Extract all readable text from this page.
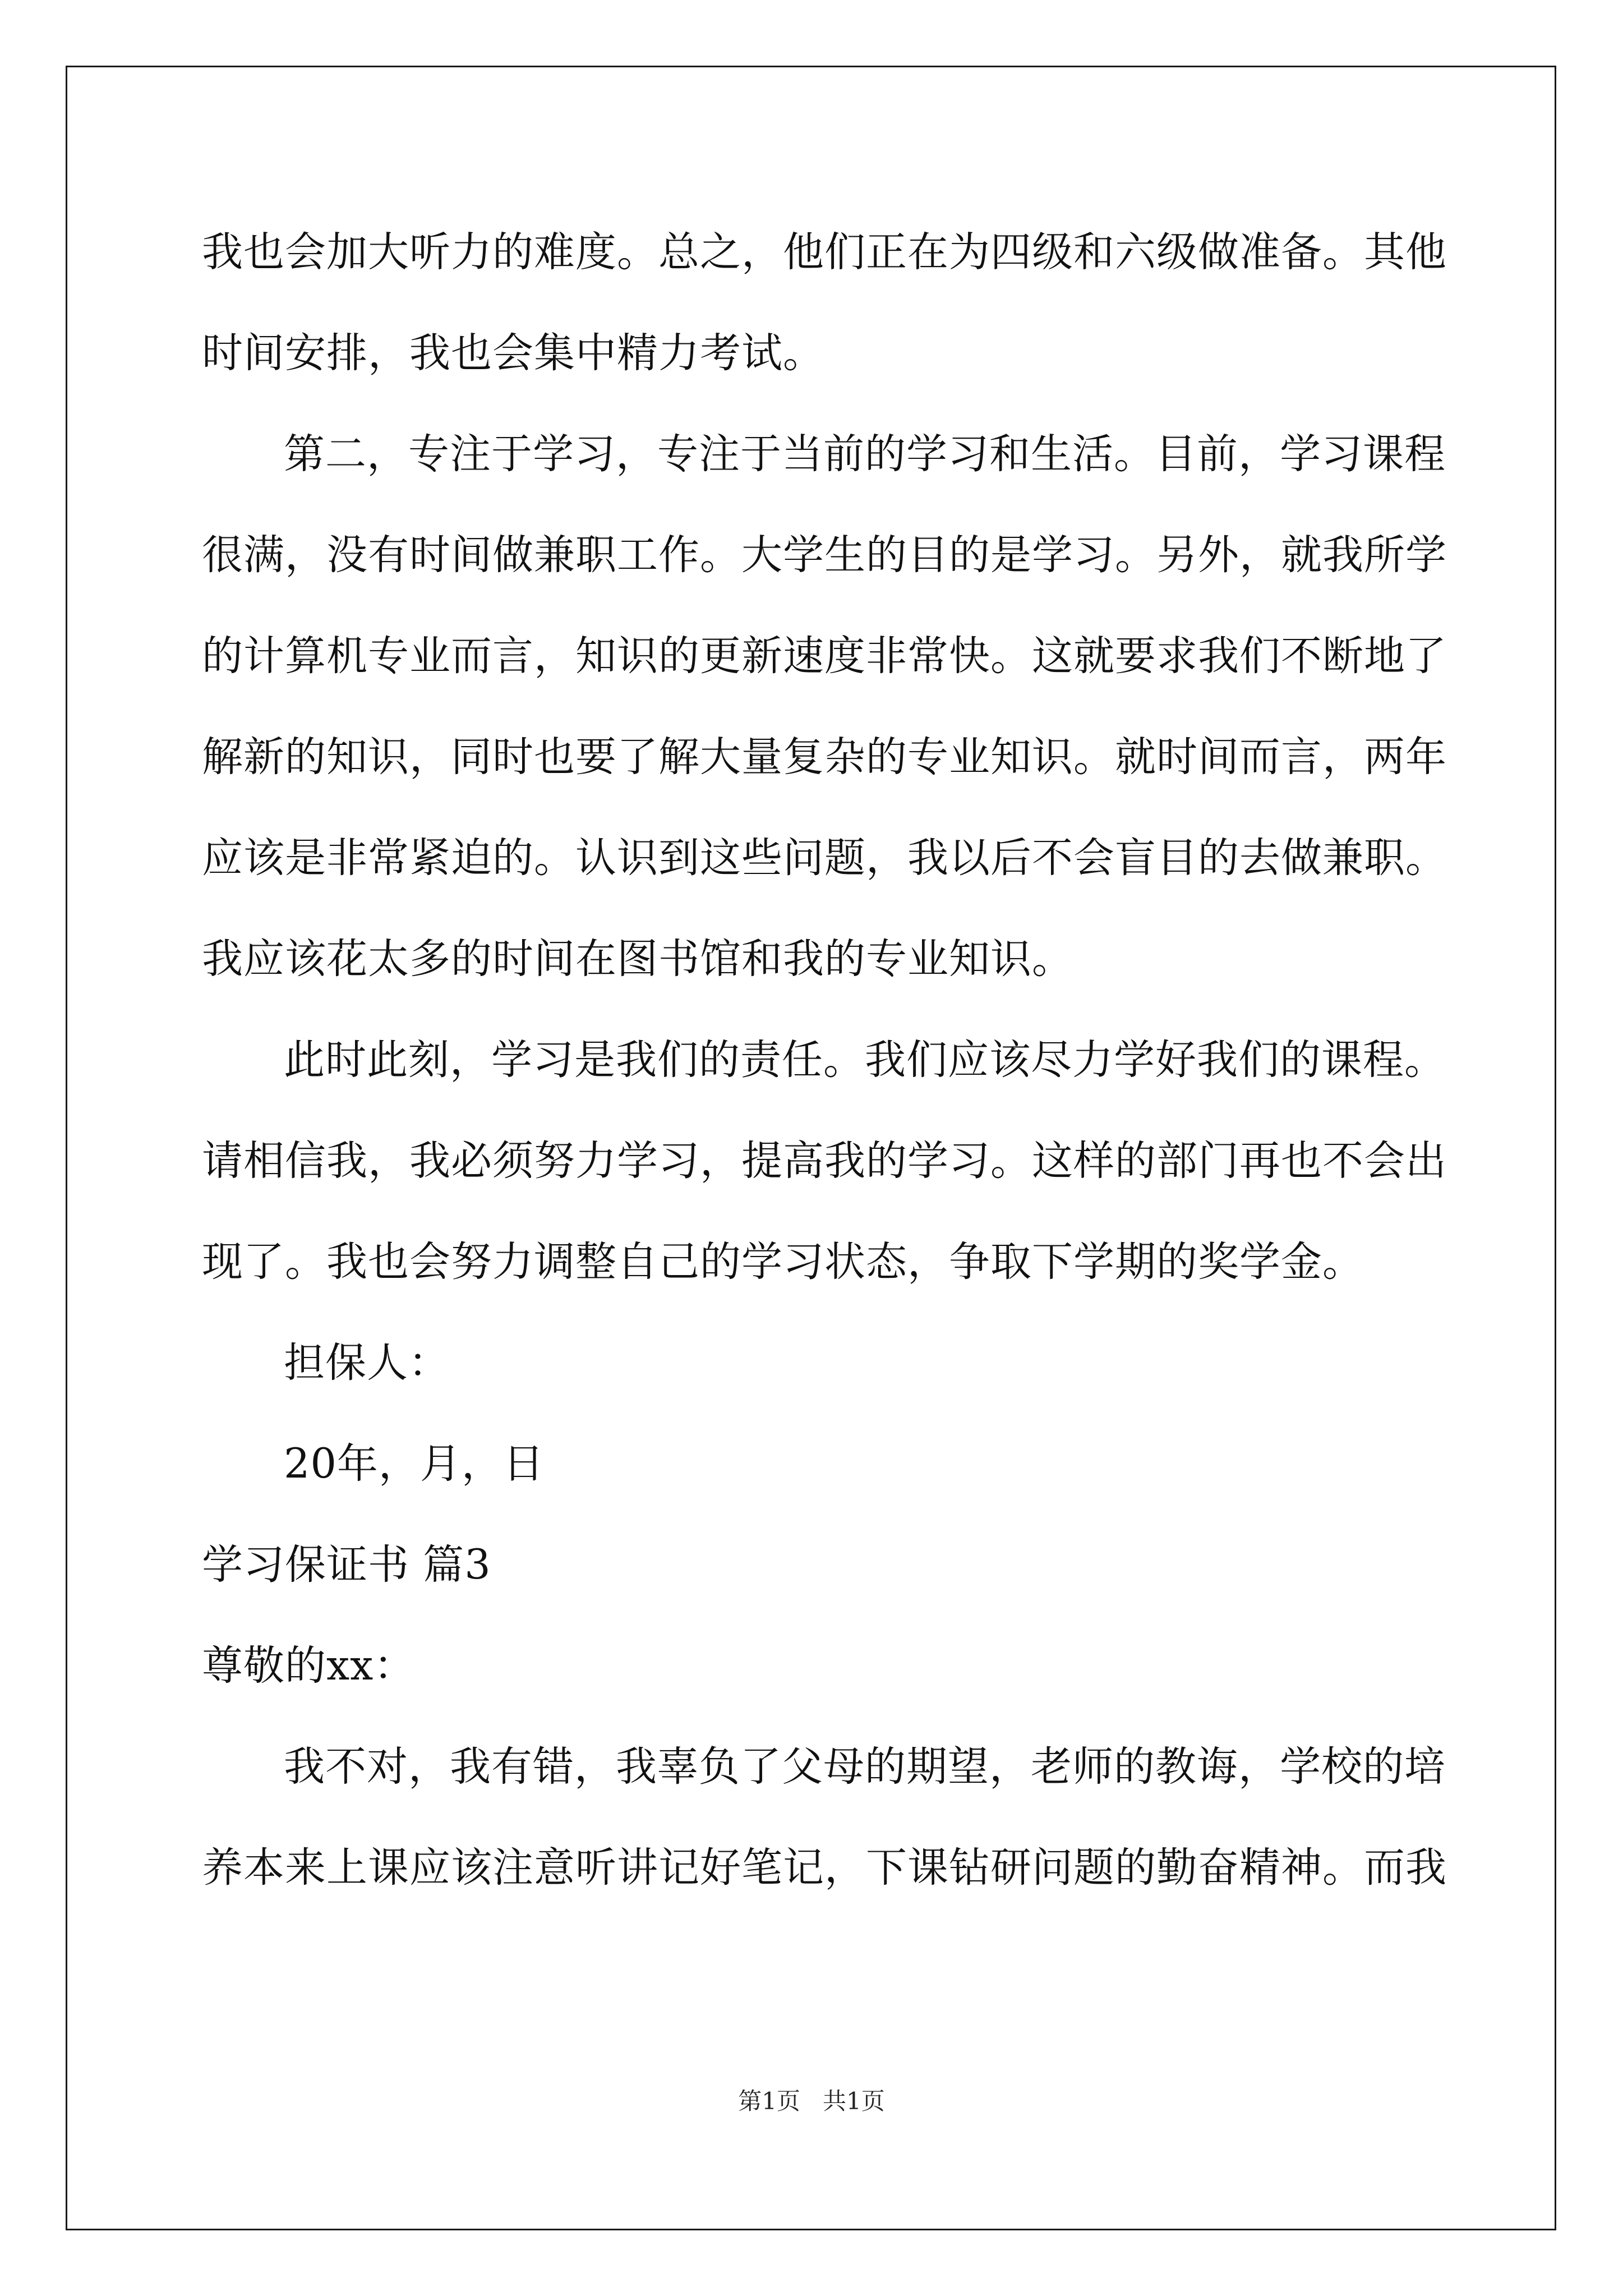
我也会加大听力的难度。总之，他们正在为四级和六级做准备。其他
时间安排，我也会集中精力考试。
第二，专注于学习，专注于当前的学习和生活。目前，学习课程
很满，没有时间做兼职工作。大学生的目的是学习。另外，就我所学
的计算机专业而言，知识的更新速度非常快。这就要求我们不断地了
解新的知识，同时也要了解大量复杂的专业知识。就时间而言，两年
应该是非常紧迫的。认识到这些问题，我以后不会盲目的去做兼职。
我应该花太多的时间在图书馆和我的专业知识。
此时此刻，学习是我们的责任。我们应该尽力学好我们的课程。
请相信我，我必须努力学习，提高我的学习。这样的部门再也不会出
现了。我也会努力调整自己的学习状态，争取下学期的奖学金。
担保人：
20年，月，日
学习保证书 篇3
尊敬的xx：
我不对，我有错，我辜负了父母的期望，老师的教诲，学校的培
养本来上课应该注意听讲记好笔记，下课钻研问题的勤奋精神。而我
第1页   共1页
